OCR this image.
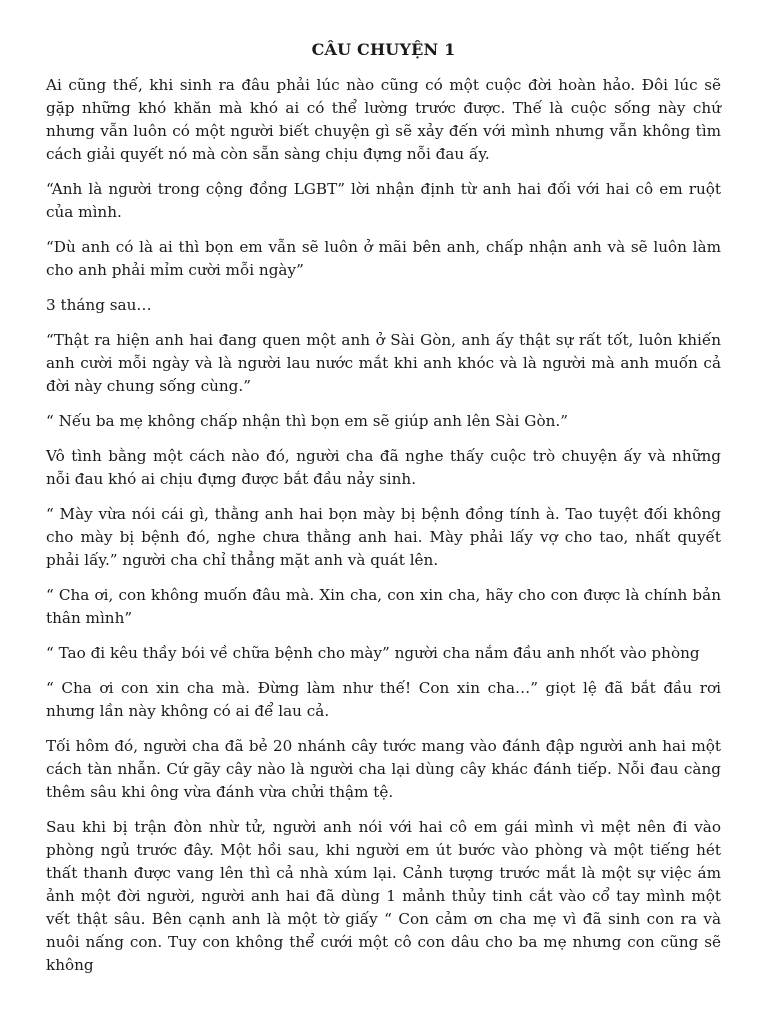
CÂU CHUYỆN 1

Ai cũng thế, khi sinh ra đâu phải lúc nào cũng có một cuộc đời hoàn hảo. Đôi lúc sẽ gặp những khó khăn mà khó ai có thể lường trước được. Thế là cuộc sống này chứ nhưng vẫn luôn có một người biết chuyện gì sẽ xảy đến với mình nhưng vẫn không tìm cách giải quyết nó mà còn sẵn sàng chịu đựng nỗi đau ấy.

“Anh là người trong cộng đồng LGBT” lời nhận định từ anh hai đối với hai cô em ruột của mình.

“Dù anh có là ai thì bọn em vẫn sẽ luôn ở mãi bên anh, chấp nhận anh và sẽ luôn làm cho anh phải mỉm cười mỗi ngày”

3 tháng sau…

“Thật ra hiện anh hai đang quen một anh ở Sài Gòn, anh ấy thật sự rất tốt, luôn khiến anh cười mỗi ngày và là người lau nước mắt khi anh khóc và là người mà anh muốn cả đời này chung sống cùng.”

“ Nếu ba mẹ không chấp nhận thì bọn em sẽ giúp anh lên Sài Gòn.”

Vô tình bằng một cách nào đó, người cha đã nghe thấy cuộc trò chuyện ấy và những nỗi đau khó ai chịu đựng được bắt đầu nảy sinh.

“ Mày vừa nói cái gì, thằng anh hai bọn mày bị bệnh đồng tính à. Tao tuyệt đối không cho mày bị bệnh đó, nghe chưa thằng anh hai. Mày phải lấy vợ cho tao, nhất quyết phải lấy.” người cha chỉ thẳng mặt anh và quát lên.

“ Cha ơi, con không muốn đâu mà. Xin cha, con xin cha, hãy cho con được là chính bản thân mình”

“ Tao đi kêu thầy bói về chữa bệnh cho mày” người cha nắm đầu anh nhốt vào phòng

“ Cha ơi con xin cha mà. Đừng làm như thế! Con xin cha…” giọt lệ đã bắt đầu rơi nhưng lần này không có ai để lau cả.

Tối hôm đó, người cha đã bẻ 20 nhánh cây tước mang vào đánh đập người anh hai một cách tàn nhẫn. Cứ gãy cây nào là người cha lại dùng cây khác đánh tiếp. Nỗi đau càng thêm sâu khi ông vừa đánh vừa chửi thậm tệ.

Sau khi bị trận đòn nhừ tử, người anh nói với hai cô em gái mình vì mệt nên đi vào phòng ngủ trước đây. Một hồi sau, khi người em út bước vào phòng và một tiếng hét thất thanh được vang lên thì cả nhà xúm lại. Cảnh tượng trước mắt là một sự việc ám ảnh một đời người, người anh hai đã dùng 1 mảnh thủy tinh cắt vào cổ tay mình một vết thật sâu. Bên cạnh anh là một tờ giấy “ Con cảm ơn cha mẹ vì đã sinh con ra và nuôi nấng con. Tuy con không thể cưới một cô con dâu cho ba mẹ nhưng con cũng sẽ không
